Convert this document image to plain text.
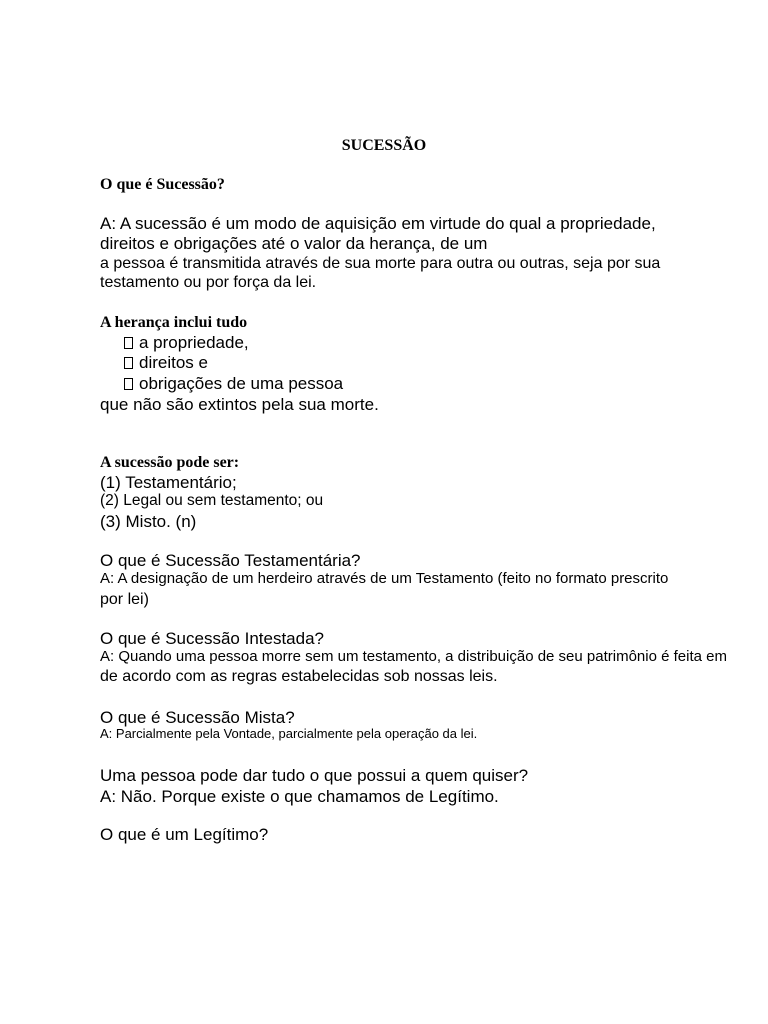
SUCESSÃO
O que é Sucessão?
A: A sucessão é um modo de aquisição em virtude do qual a propriedade,
direitos e obrigações até o valor da herança, de um
a pessoa é transmitida através de sua morte para outra ou outras, seja por sua
testamento ou por força da lei.
A herança inclui tudo
a propriedade,
direitos e
obrigações de uma pessoa
que não são extintos pela sua morte.
A sucessão pode ser:
(1) Testamentário;
(2) Legal ou sem testamento; ou
(3) Misto. (n)
O que é Sucessão Testamentária?
A: A designação de um herdeiro através de um Testamento (feito no formato prescrito
por lei)
O que é Sucessão Intestada?
A: Quando uma pessoa morre sem um testamento, a distribuição de seu patrimônio é feita em
de acordo com as regras estabelecidas sob nossas leis.
O que é Sucessão Mista?
A: Parcialmente pela Vontade, parcialmente pela operação da lei.
Uma pessoa pode dar tudo o que possui a quem quiser?
A: Não. Porque existe o que chamamos de Legítimo.
O que é um Legítimo?
